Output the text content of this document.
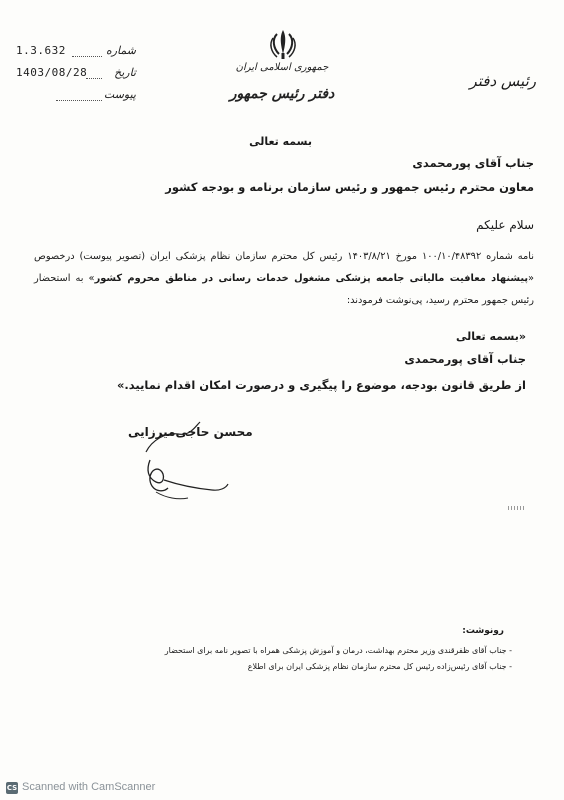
جمهوری اسلامی ایران
دفتر رئیس جمهور
رئیس دفتر
1.3.632	شماره
1403/08/28 تاریخ
پیوست
بسمه تعالی
جناب آقای پورمحمدی
معاون محترم رئیس جمهور و رئیس سازمان برنامه و بودجه کشور
سلام علیکم
نامه شماره ۱۰۰/۱۰/۴۸۳۹۲ مورخ ۱۴۰۳/۸/۲۱ رئیس کل محترم سازمان نظام پزشکی ایران (تصویر پیوست) درخصوص «پیشنهاد معافیت مالیاتی جامعه پزشکی مشغول خدمات رسانی در مناطق محروم کشور» به استحضار رئیس جمهور محترم رسید، پی‌نوشت فرمودند:
«بسمه تعالی
جناب آقای پورمحمدی
از طریق قانون بودجه، موضوع را پیگیری و درصورت امکان اقدام نمایید.»
محسن حاجی‌میرزایی
رونوشت:
- جناب آقای ظفرقندی وزیر محترم بهداشت، درمان و آموزش پزشکی همراه با تصویر نامه برای استحضار
- جناب آقای رئیس‌زاده رئیس کل محترم سازمان نظام پزشکی ایران برای اطلاع
CS Scanned with CamScanner
